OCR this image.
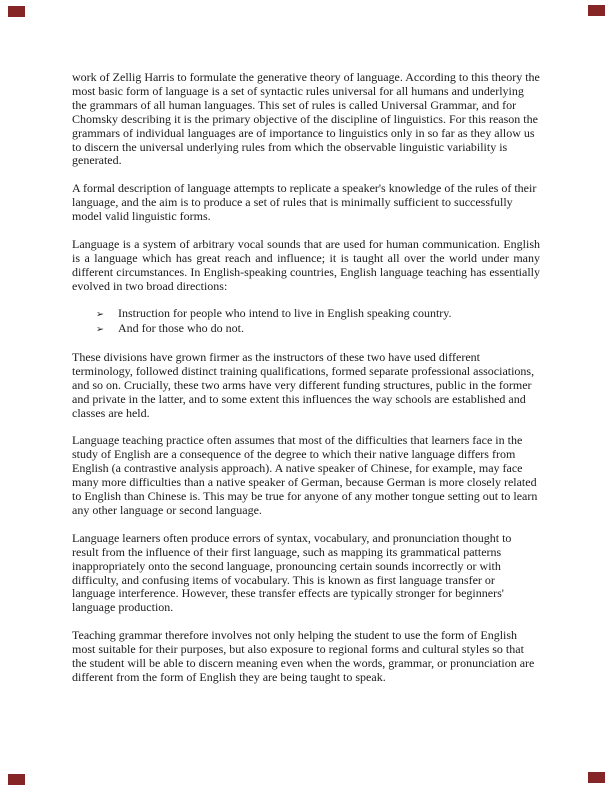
work of Zellig Harris to formulate the generative theory of language. According to this theory the most basic form of language is a set of syntactic rules universal for all humans and underlying the grammars of all human languages. This set of rules is called Universal Grammar, and for Chomsky describing it is the primary objective of the discipline of linguistics. For this reason the grammars of individual languages are of importance to linguistics only in so far as they allow us to discern the universal underlying rules from which the observable linguistic variability is generated.

A formal description of language attempts to replicate a speaker's knowledge of the rules of their language, and the aim is to produce a set of rules that is minimally sufficient to successfully model valid linguistic forms.

Language is a system of arbitrary vocal sounds that are used for human communication. English is a language which has great reach and influence; it is taught all over the world under many different circumstances. In English-speaking countries, English language teaching has essentially evolved in two broad directions:

➢	Instruction for people who intend to live in English speaking country.
➢	And for those who do not.

These divisions have grown firmer as the instructors of these two have used different terminology, followed distinct training qualifications, formed separate professional associations, and so on. Crucially, these two arms have very different funding structures, public in the former and private in the latter, and to some extent this influences the way schools are established and classes are held.

Language teaching practice often assumes that most of the difficulties that learners face in the study of English are a consequence of the degree to which their native language differs from English (a contrastive analysis approach). A native speaker of Chinese, for example, may face many more difficulties than a native speaker of German, because German is more closely related to English than Chinese is. This may be true for anyone of any mother tongue setting out to learn any other language or second language.

Language learners often produce errors of syntax, vocabulary, and pronunciation thought to result from the influence of their first language, such as mapping its grammatical patterns inappropriately onto the second language, pronouncing certain sounds incorrectly or with difficulty, and confusing items of vocabulary. This is known as first language transfer or language interference. However, these transfer effects are typically stronger for beginners' language production.

Teaching grammar therefore involves not only helping the student to use the form of English most suitable for their purposes, but also exposure to regional forms and cultural styles so that the student will be able to discern meaning even when the words, grammar, or pronunciation are different from the form of English they are being taught to speak.
